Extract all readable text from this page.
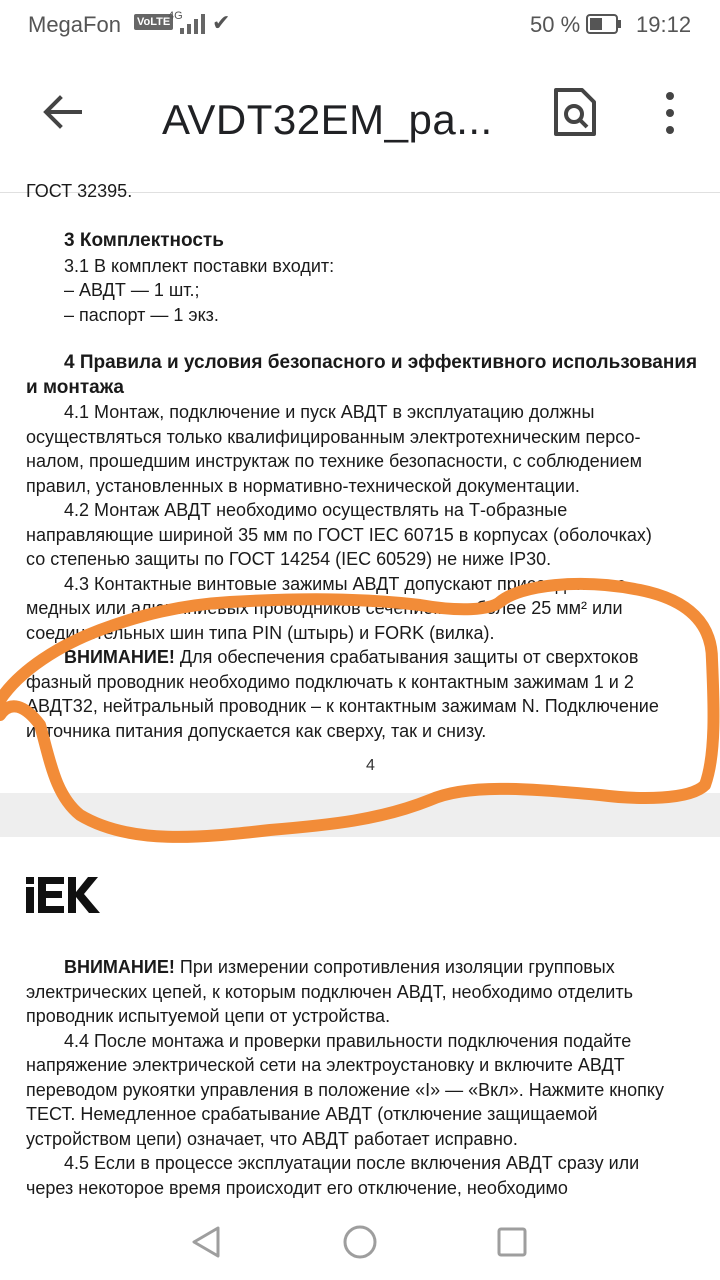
MegaFon VoLTE
4G ✔	50 %	19:12
AVDT32EM_pa...
ГОСТ 32395.
3 Комплектность
3.1 В комплект поставки входит:
– АВДТ — 1 шт.;
– паспорт — 1 экз.
4 Правила и условия безопасного и эффективного использования
и монтажа
4.1 Монтаж, подключение и пуск АВДТ в эксплуатацию должны
осуществляться только квалифицированным электротехническим персо-
налом, прошедшим инструктаж по технике безопасности, с соблюдением
правил, установленных в нормативно-технической документации.
4.2 Монтаж АВДТ необходимо осуществлять на Т-образные
направляющие шириной 35 мм по ГОСТ IEC 60715 в корпусах (оболочках)
со степенью защиты по ГОСТ 14254 (IEC 60529) не ниже IP30.
4.3 Контактные винтовые зажимы АВДТ допускают присоединение
медных или алюминиевых проводников сечением не более 25 мм² или
соединительных шин типа PIN (штырь) и FORK (вилка).
ВНИМАНИЕ! Для обеспечения срабатывания защиты от сверхтоков
фазный проводник необходимо подключать к контактным зажимам 1 и 2
АВДТ32, нейтральный проводник – к контактным зажимам N. Подключение
источника питания допускается как сверху, так и снизу.
4
ВНИМАНИЕ! При измерении сопротивления изоляции групповых
электрических цепей, к которым подключен АВДТ, необходимо отделить
проводник испытуемой цепи от устройства.
4.4 После монтажа и проверки правильности подключения подайте
напряжение электрической сети на электроустановку и включите АВДТ
переводом рукоятки управления в положение «I» — «Вкл». Нажмите кнопку
ТЕСТ. Немедленное срабатывание АВДТ (отключение защищаемой
устройством цепи) означает, что АВДТ работает исправно.
4.5 Если в процессе эксплуатации после включения АВДТ сразу или
через некоторое время происходит его отключение, необходимо
